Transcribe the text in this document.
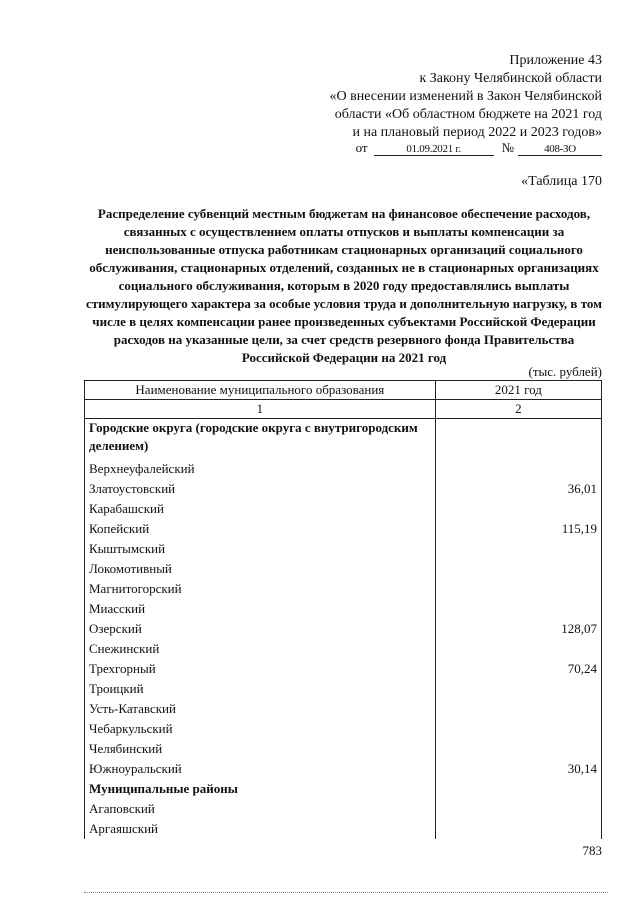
Приложение 43
к Закону Челябинской области
«О внесении изменений в Закон Челябинской
области «Об областном бюджете на 2021 год
и на плановый период 2022 и 2023 годов»
от	01.09.2021 г.	№	408-ЗО
«Таблица 170
Распределение субвенций местным бюджетам на финансовое обеспечение расходов, связанных с осуществлением оплаты отпусков и выплаты компенсации за неиспользованные отпуска работникам стационарных организаций социального обслуживания, стационарных отделений, созданных не в стационарных организациях социального обслуживания, которым в 2020 году предоставлялись выплаты стимулирующего характера за особые условия труда и дополнительную нагрузку, в том числе в целях компенсации ранее произведенных субъектами Российской Федерации расходов на указанные цели, за счет средств резервного фонда Правительства Российской Федерации на 2021 год
(тыс. рублей)
Наименование муниципального образования	2021 год
1	2
Городские округа (городские округа с внутригородским делением)	
Верхнеуфалейский	
Златоустовский	36,01
Карабашский	
Копейский	115,19
Кыштымский	
Локомотивный	
Магнитогорский	
Миасский	
Озерский	128,07
Снежинский	
Трехгорный	70,24
Троицкий	
Усть-Катавский	
Чебаркульский	
Челябинский	
Южноуральский	30,14
Муниципальные районы	
Агаповский	
Аргаяшский	
783
